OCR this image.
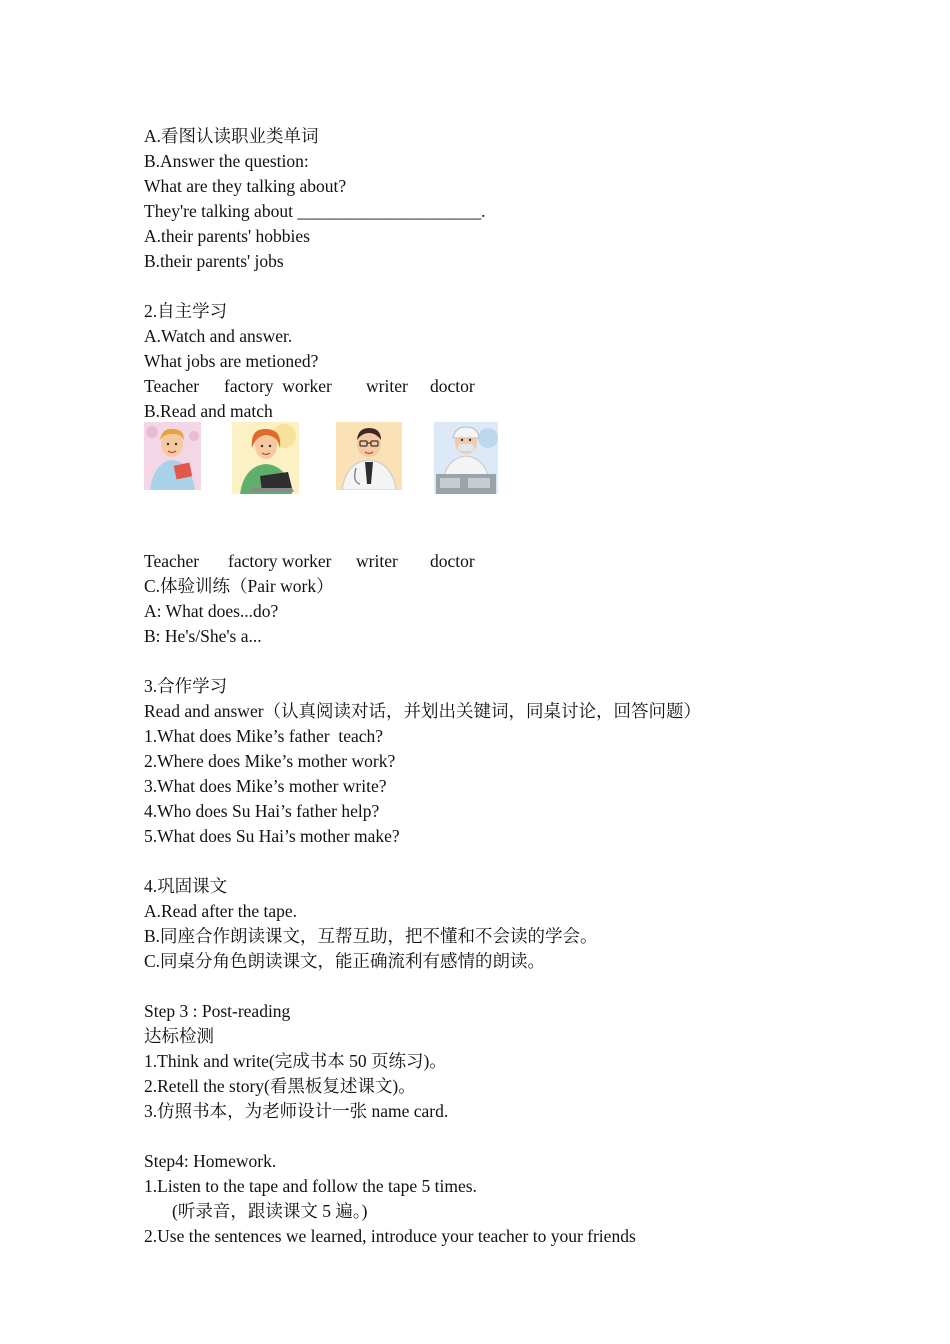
A.看图认读职业类单词
B.Answer the question:
What are they talking about?
They're talking about _____________________.
A.their parents' hobbies
B.their parents' jobs
2.自主学习
A.Watch and answer.
What jobs are metioned?
Teacher	factory  worker	writer	doctor
B.Read and match
Teacher	factory worker	writer	doctor
C.体验训练（Pair work）
A: What does...do?
B: He's/She's a...
3.合作学习
Read and answer（认真阅读对话，并划出关键词，同桌讨论，回答问题）
1.What does Mike’s father  teach?
2.Where does Mike’s mother work?
3.What does Mike’s mother write?
4.Who does Su Hai’s father help?
5.What does Su Hai’s mother make?
4.巩固课文
A.Read after the tape.
B.同座合作朗读课文，互帮互助，把不懂和不会读的学会。
C.同桌分角色朗读课文，能正确流利有感情的朗读。
Step 3 : Post-reading
达标检测
1.Think and write(完成书本 50 页练习)。
2.Retell the story(看黑板复述课文)。
3.仿照书本，为老师设计一张 name card.
Step4: Homework.
1.Listen to the tape and follow the tape 5 times.
(听录音，跟读课文 5 遍。)
2.Use the sentences we learned, introduce your teacher to your friends
